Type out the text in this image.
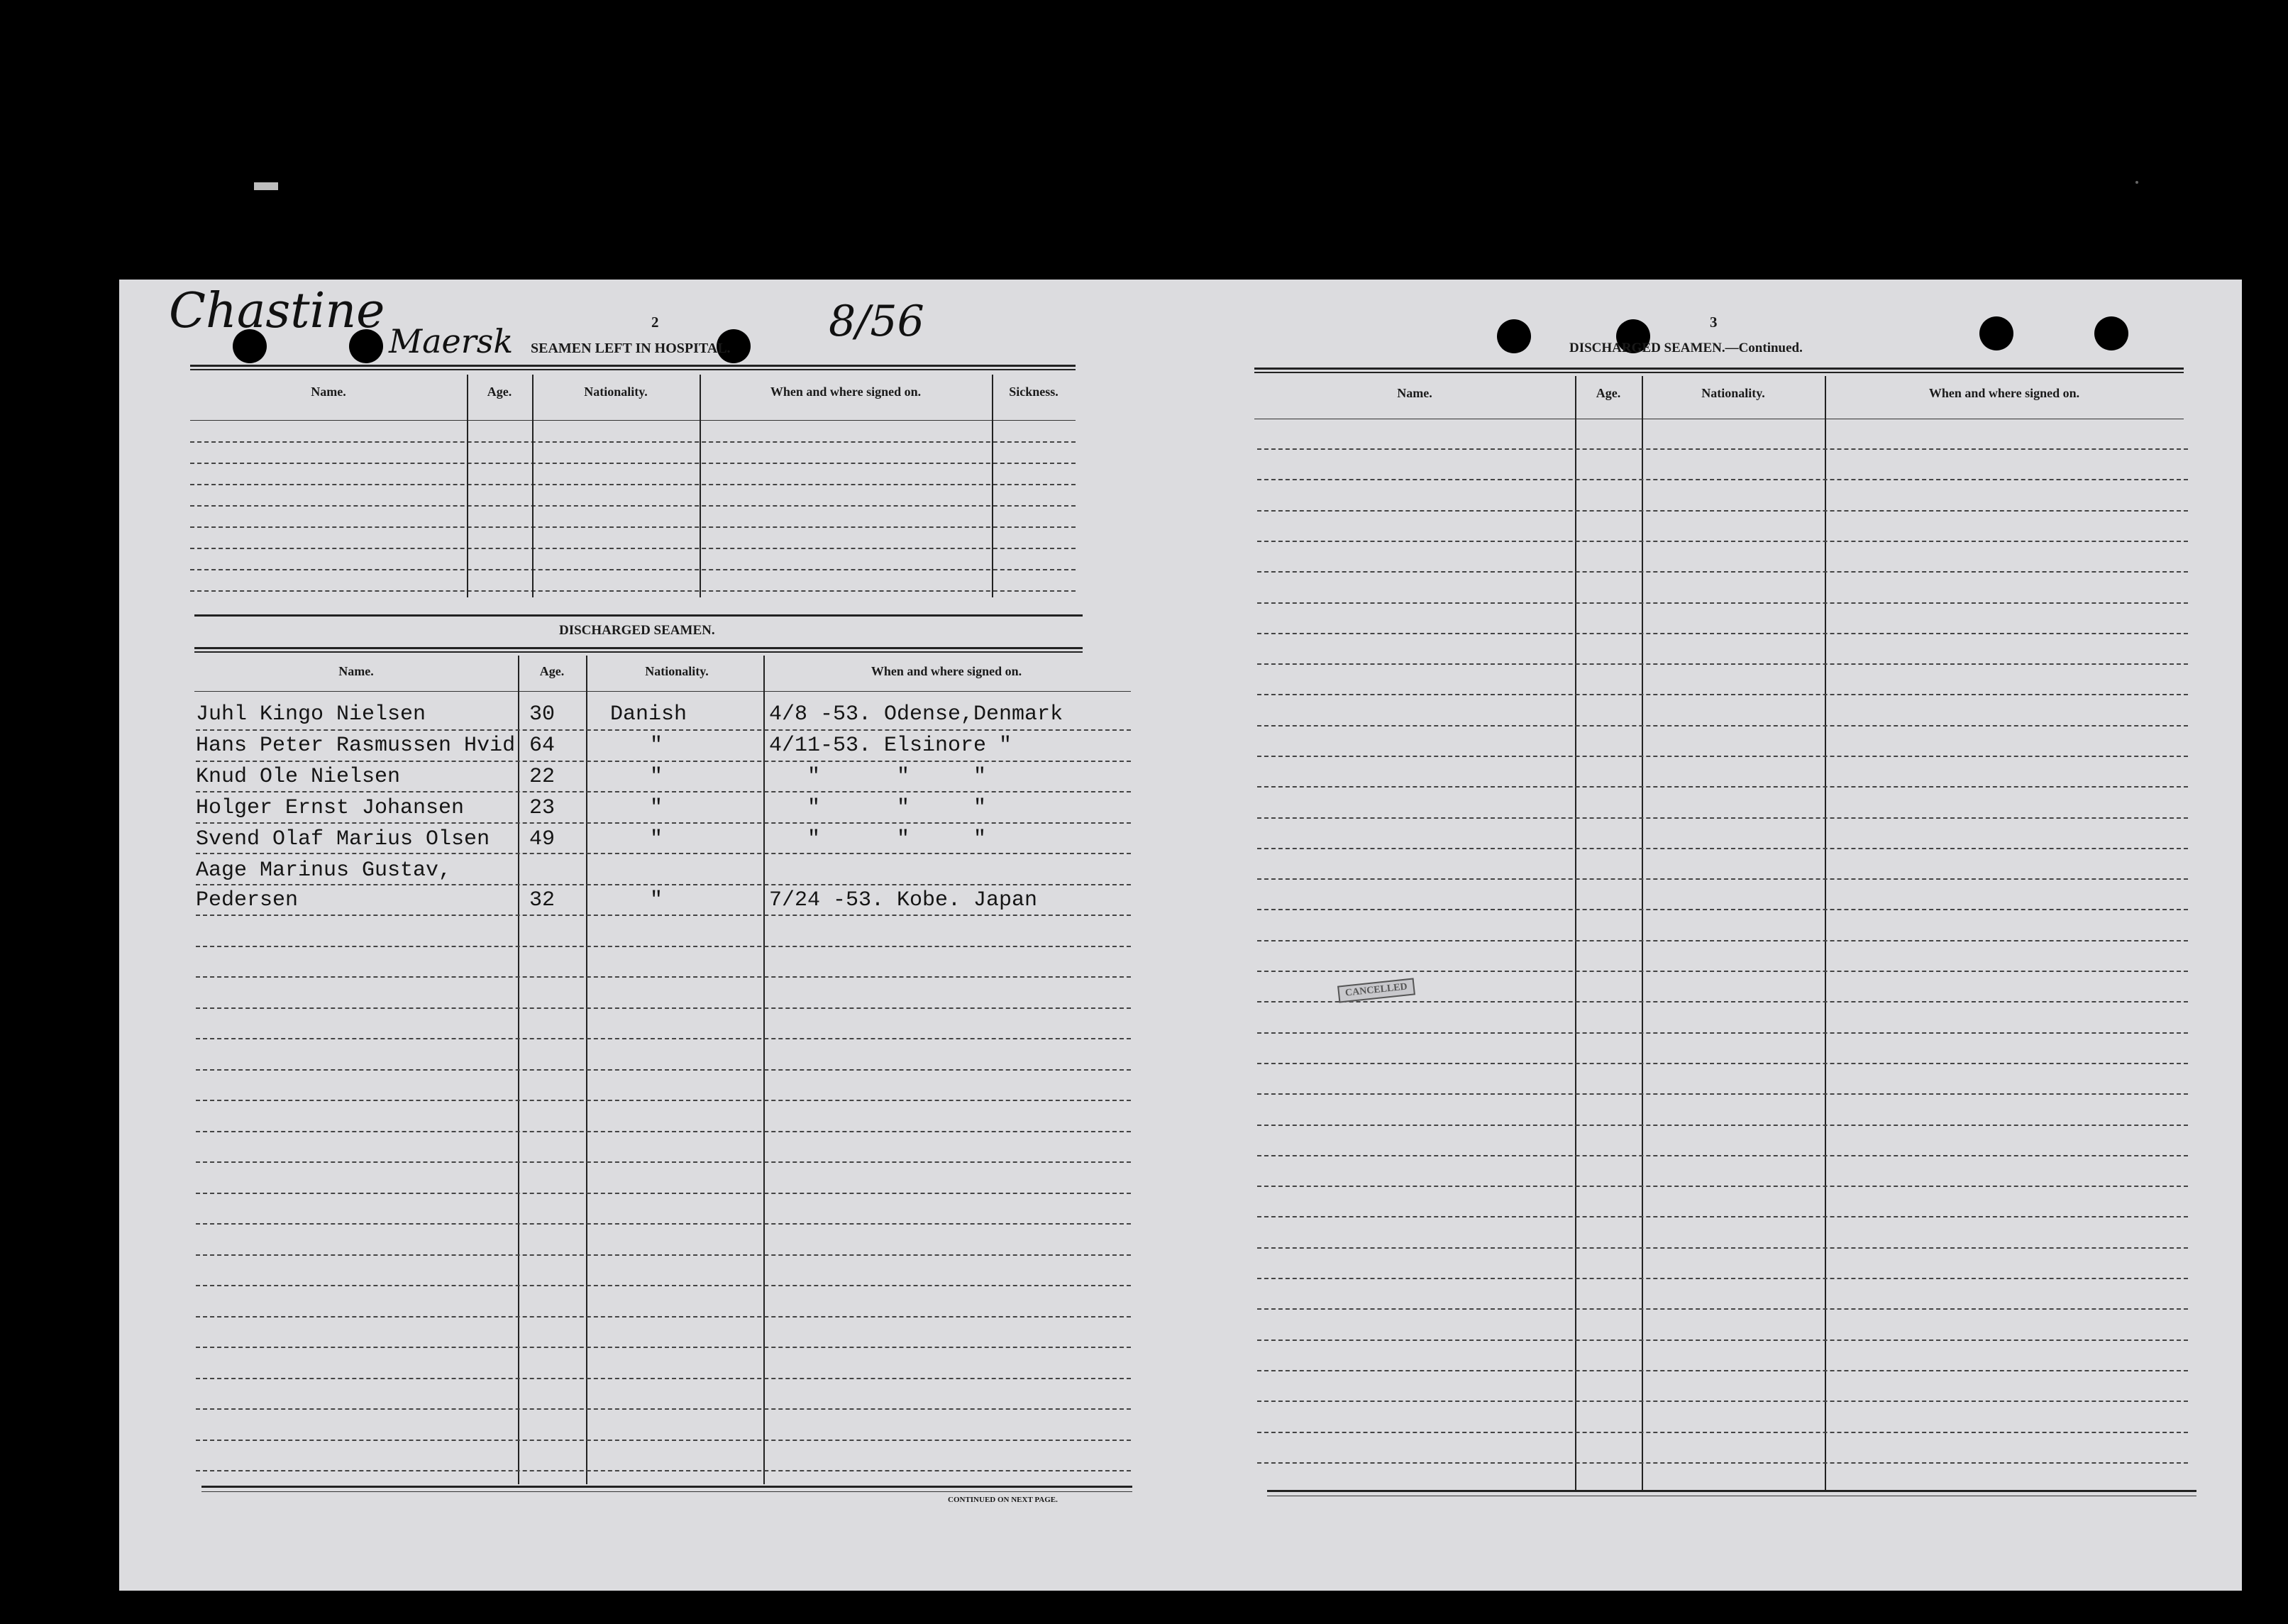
Chastine
Maersk	8/56
2
SEAMEN LEFT IN HOSPITAL.
Name.	Age.	Nationality.	When and where signed on.	Sickness.
DISCHARGED SEAMEN.
Name.	Age.	Nationality.	When and where signed on.
Juhl Kingo Nielsen	30	Danish	4/8 -53. Odense,Denmark
Hans Peter Rasmussen Hvid 64	"	4/11-53. Elsinore "
Knud Ole Nielsen	22	"	"      "     "
Holger Ernst Johansen	23	"	"      "     "
Svend Olaf Marius Olsen 49	"	"      "     "
Aage Marinus Gustav,
Pedersen	32	"	7/24 -53. Kobe. Japan
CONTINUED ON NEXT PAGE.
3
DISCHARGED SEAMEN.—Continued.
Name.	Age.	Nationality.	When and where signed on.
CANCELLED
